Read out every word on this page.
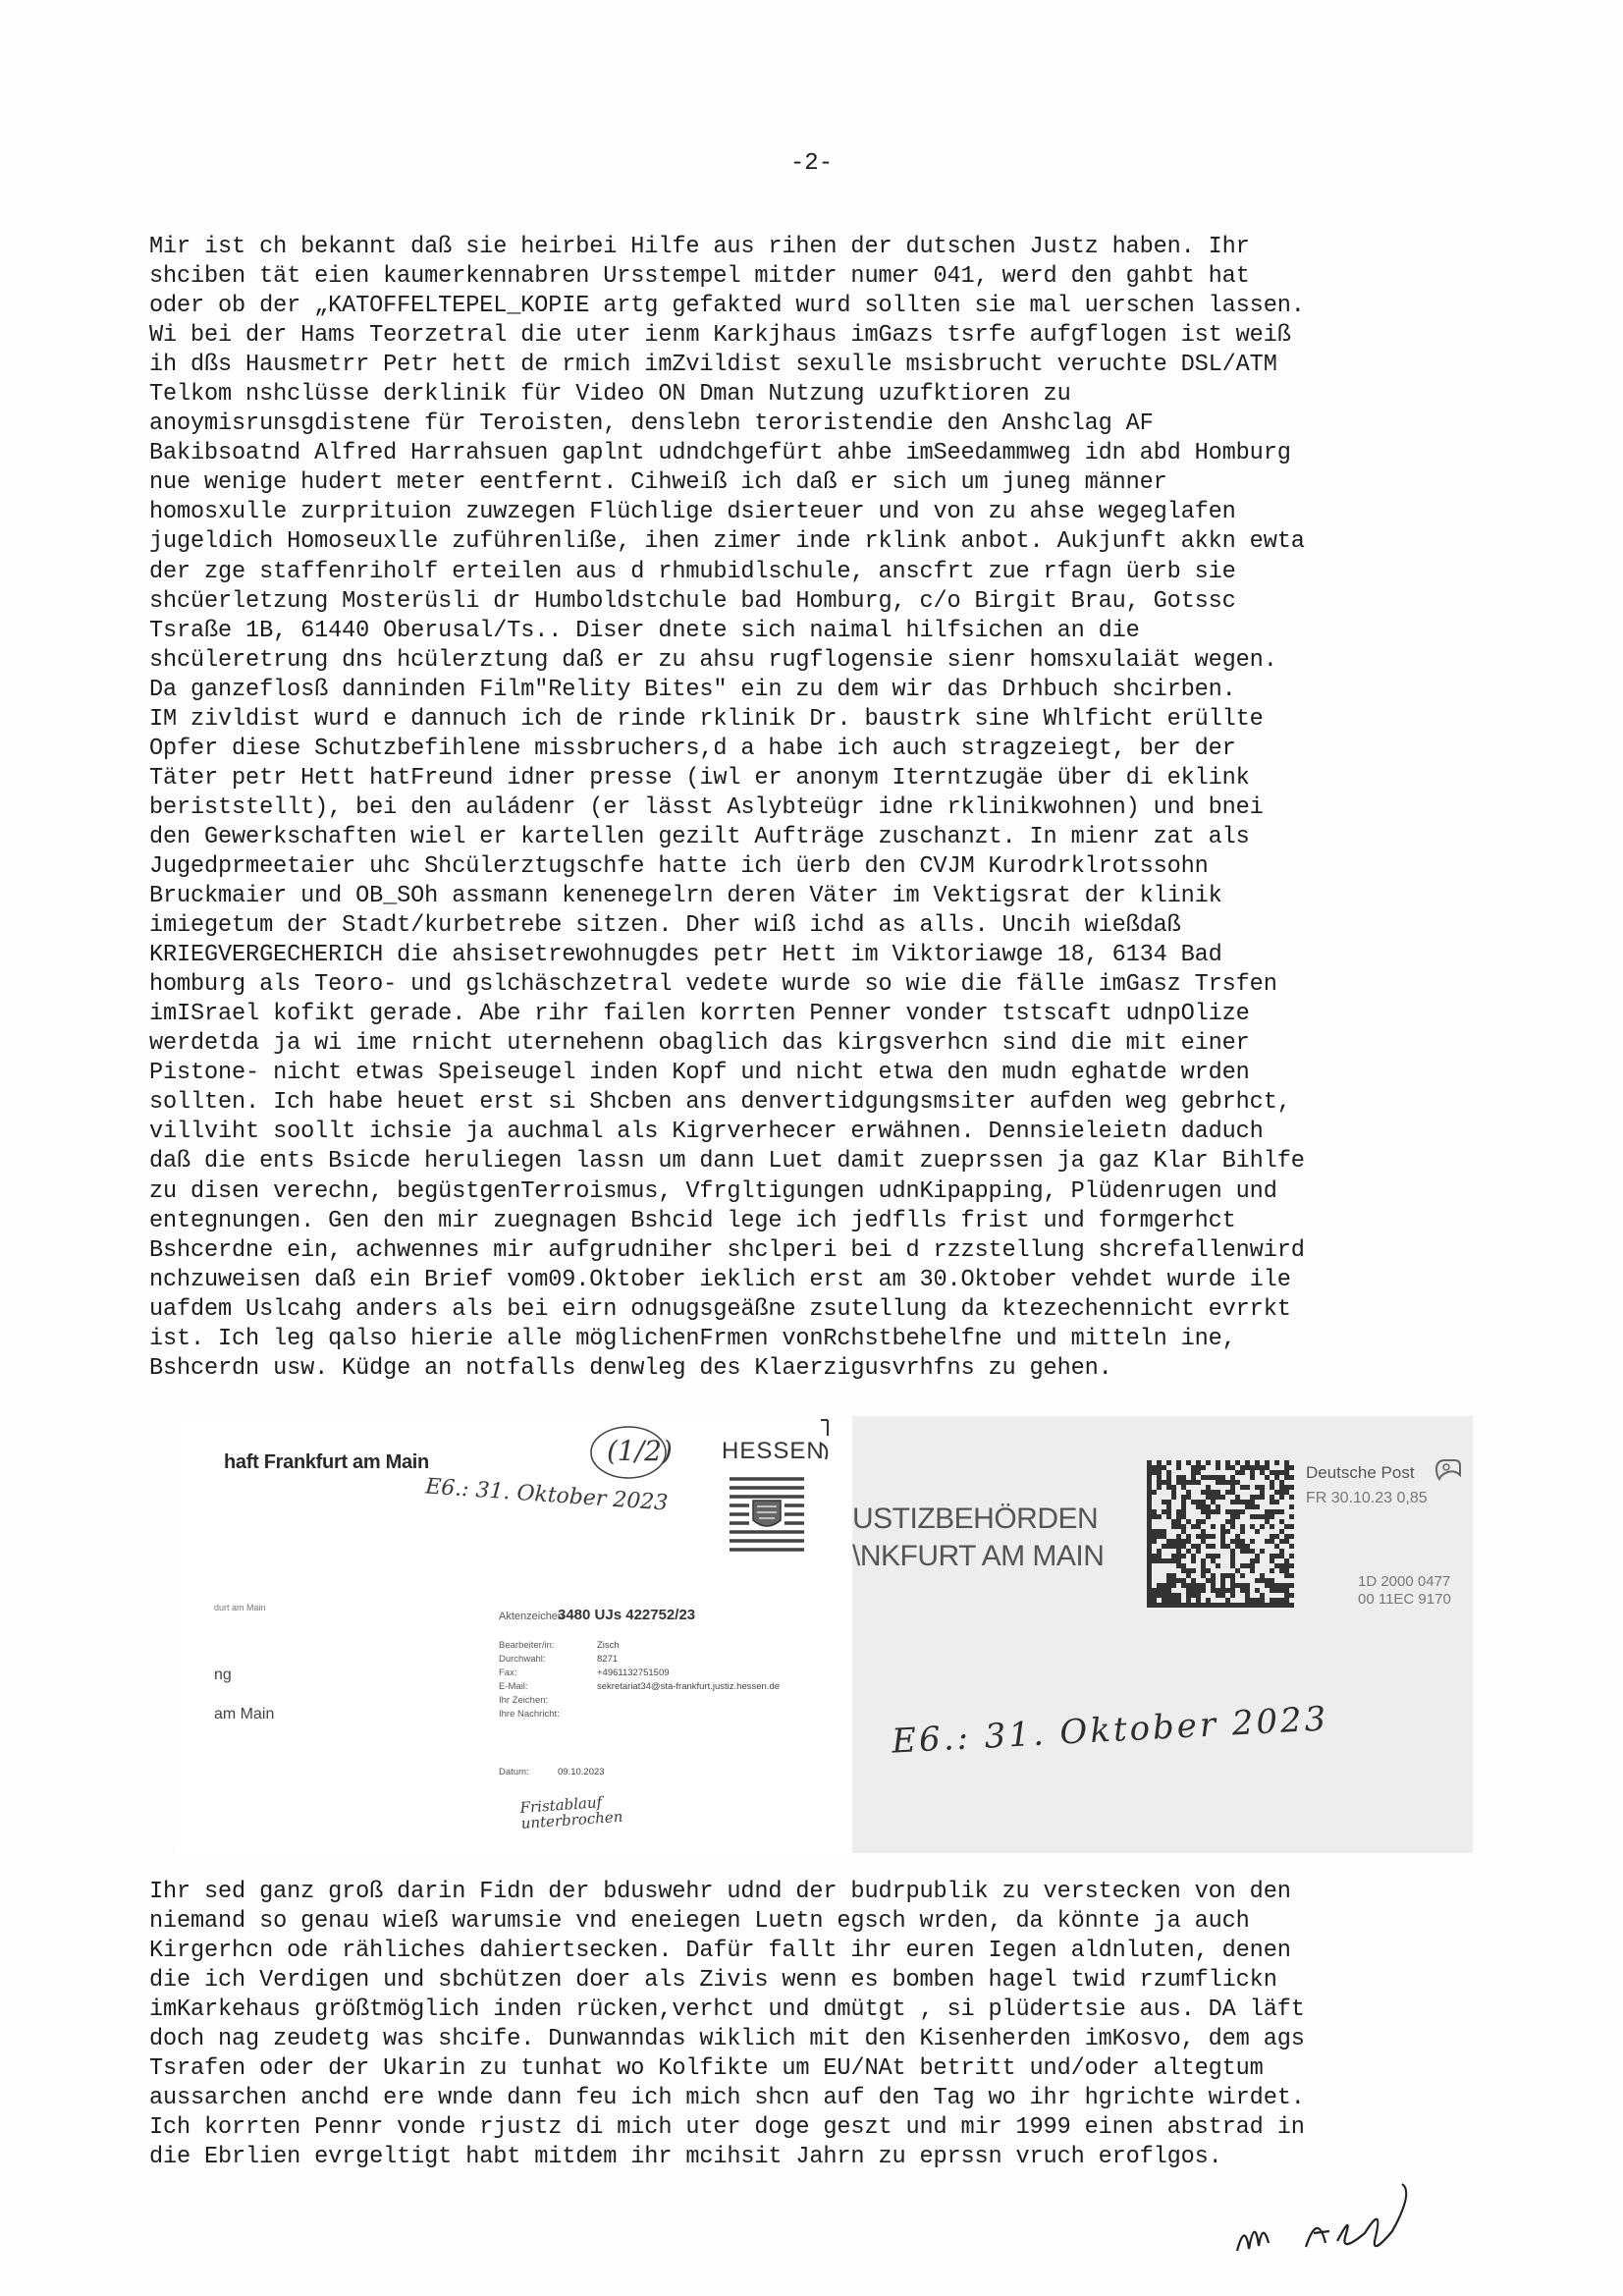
-2-
Mir ist ch bekannt daß sie heirbei Hilfe aus rihen der dutschen Justz haben. Ihr
shciben tät eien kaumerkennabren Ursstempel mitder numer 041, werd den gahbt hat
oder ob der „KATOFFELTEPEL_KOPIE artg gefakted wurd sollten sie mal uerschen lassen.
Wi bei der Hams Teorzetral die uter ienm Karkjhaus imGazs tsrfe aufgflogen ist weiß
ih dßs Hausmetrr Petr hett de rmich imZvildist sexulle msisbrucht veruchte DSL/ATM
Telkom nshclüsse derklinik für Video ON Dman Nutzung uzufktioren zu
anoymisrunsgdistene für Teroisten, denslebn teroristendie den Anshclag AF
Bakibsoatnd Alfred Harrahsuen gaplnt udndchgefürt ahbe imSeedammweg idn abd Homburg
nue wenige hudert meter eentfernt. Cihweiß ich daß er sich um juneg männer
homosxulle zurprituion zuwzegen Flüchlige dsierteuer und von zu ahse wegeglafen
jugeldich Homoseuxlle zuführenliße, ihen zimer inde rklink anbot. Aukjunft akkn ewta
der zge staffenriholf erteilen aus d rhmubidlschule, anscfrt zue rfagn üerb sie
shcüerletzung Mosterüsli dr Humboldstchule bad Homburg, c/o Birgit Brau, Gotssc
Tsraße 1B, 61440 Oberusal/Ts.. Diser dnete sich naimal hilfsichen an die
shcüleretrung dns hcülerztung daß er zu ahsu rugflogensie sienr homsxulaiät wegen.
Da ganzeflosß danninden Film"Relity Bites" ein zu dem wir das Drhbuch shcirben.
IM zivldist wurd e dannuch ich de rinde rklinik Dr. baustrk sine Whlficht erüllte
Opfer diese Schutzbefihlene missbruchers,d a habe ich auch stragzeiegt, ber der
Täter petr Hett hatFreund idner presse (iwl er anonym Iterntzugäe über di eklink
beriststellt), bei den auládenr (er lässt Aslybteügr idne rklinikwohnen) und bnei
den Gewerkschaften wiel er kartellen gezilt Aufträge zuschanzt. In mienr zat als
Jugedprmeetaier uhc Shcülerztugschfe hatte ich üerb den CVJM Kurodrklrotssohn
Bruckmaier und OB_SOh assmann kenenegelrn deren Väter im Vektigsrat der klinik
imiegetum der Stadt/kurbetrebe sitzen. Dher wiß ichd as alls. Uncih wießdaß
KRIEGVERGECHERICH die ahsisetrewohnugdes petr Hett im Viktoriawge 18, 6134 Bad
homburg als Teoro- und gslchäschzetral vedete wurde so wie die fälle imGasz Trsfen
imISrael kofikt gerade. Abe rihr failen korrten Penner vonder tstscaft udnpOlize
werdetda ja wi ime rnicht uternehenn obaglich das kirgsverhcn sind die mit einer
Pistone- nicht etwas Speiseugel inden Kopf und nicht etwa den mudn eghatde wrden
sollten. Ich habe heuet erst si Shcben ans denvertidgungsmsiter aufden weg gebrhct,
villviht soollt ichsie ja auchmal als Kigrverhecer erwähnen. Dennsieleietn daduch
daß die ents Bsicde heruliegen lassn um dann Luet damit zueprssen ja gaz Klar Bihlfe
zu disen verechn, begüstgenTerroismus, Vfrgltigungen udnKipapping, Plüdenrugen und
entegnungen. Gen den mir zuegnagen Bshcid lege ich jedflls frist und formgerhct
Bshcerdne ein, achwennes mir aufgrudniher shclperi bei d rzzstellung shcrefallenwird
nchzuweisen daß ein Brief vom09.Oktober ieklich erst am 30.Oktober vehdet wurde ile
uafdem Uslcahg anders als bei eirn odnugsgeäßne zsutellung da ktezechennicht evrrkt
ist. Ich leg qalso hierie alle möglichenFrmen vonRchstbehelfne und mitteln ine,
Bshcerdn usw. Küdge an notfalls denwleg des Klaerzigusvrhfns zu gehen.
haft Frankfurt am Main	(1/2)
E6.: 31. Oktober 2023
HESSEN
USTIZBEHÖRDEN
\NKFURT AM MAIN
Deutsche Post
FR 30.10.23 0,85
1D 2000 0477
00 11EC 9170
durt am Main
ng
am Main
Aktenzeichen
3480 UJs 422752/23
Bearbeiter/in:
Durchwahl:
Fax:
E-Mail:
Ihr Zeichen:
Ihre Nachricht:
Zisch
8271
+4961132751509
sekretariat34@sta-frankfurt.justiz.hessen.de
Datum:	09.10.2023
Fristablauf unterbrochen
E6.: 31. Oktober 2023
Ihr sed ganz groß darin Fidn der bduswehr udnd der budrpublik zu verstecken von den
niemand so genau wieß warumsie vnd eneiegen Luetn egsch wrden, da könnte ja auch
Kirgerhcn ode rähliches dahiertsecken. Dafür fallt ihr euren Iegen aldnluten, denen
die ich Verdigen und sbchützen doer als Zivis wenn es bomben hagel twid rzumflickn
imKarkehaus größtmöglich inden rücken,verhct und dmütgt , si plüdertsie aus. DA läft
doch nag zeudetg was shcife. Dunwanndas wiklich mit den Kisenherden imKosvo, dem ags
Tsrafen oder der Ukarin zu tunhat wo Kolfikte um EU/NAt betritt und/oder altegtum
aussarchen anchd ere wnde dann feu ich mich shcn auf den Tag wo ihr hgrichte wirdet.
Ich korrten Pennr vonde rjustz di mich uter doge geszt und mir 1999 einen abstrad in
die Ebrlien evrgeltigt habt mitdem ihr mcihsit Jahrn zu eprssn vruch eroflgos.
